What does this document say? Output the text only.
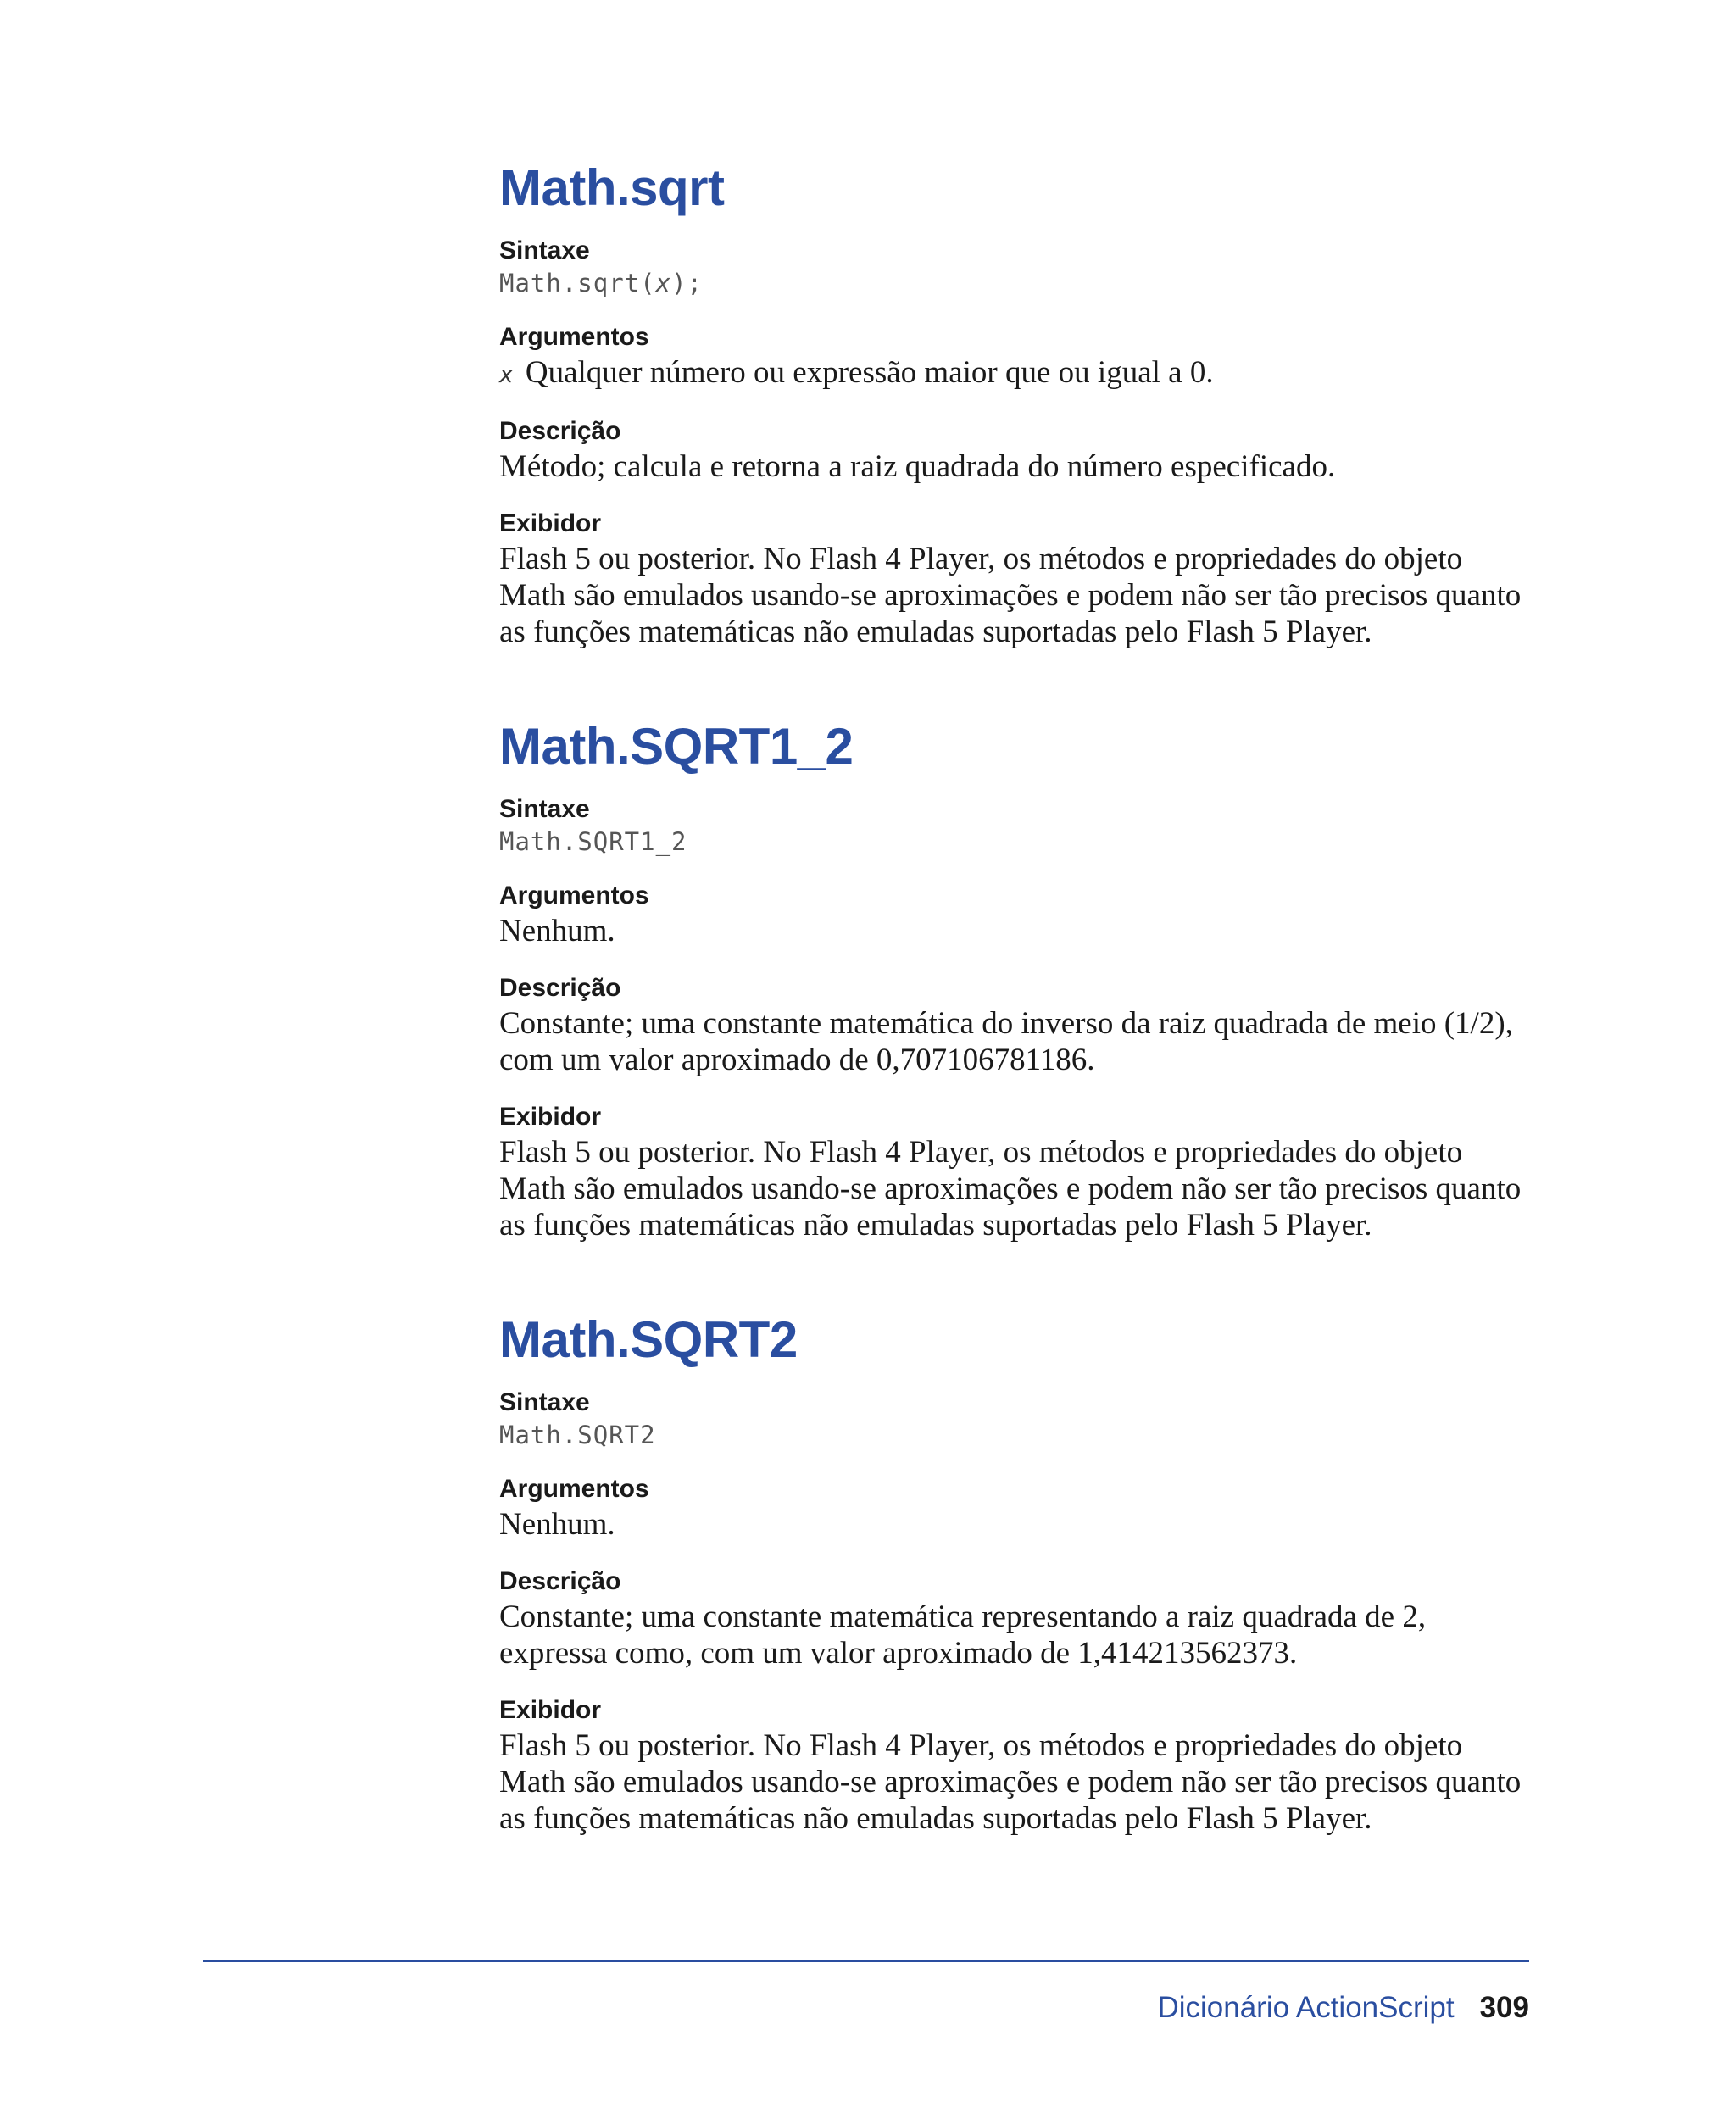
Math.sqrt
Sintaxe
Math.sqrt(x);
Argumentos
x Qualquer número ou expressão maior que ou igual a 0.
Descrição
Método; calcula e retorna a raiz quadrada do número especificado.
Exibidor
Flash 5 ou posterior. No Flash 4 Player, os métodos e propriedades do objeto
Math são emulados usando-se aproximações e podem não ser tão precisos quanto
as funções matemáticas não emuladas suportadas pelo Flash 5 Player.
Math.SQRT1_2
Sintaxe
Math.SQRT1_2
Argumentos
Nenhum.
Descrição
Constante; uma constante matemática do inverso da raiz quadrada de meio (1/2),
com um valor aproximado de 0,707106781186.
Exibidor
Flash 5 ou posterior. No Flash 4 Player, os métodos e propriedades do objeto
Math são emulados usando-se aproximações e podem não ser tão precisos quanto
as funções matemáticas não emuladas suportadas pelo Flash 5 Player.
Math.SQRT2
Sintaxe
Math.SQRT2
Argumentos
Nenhum.
Descrição
Constante; uma constante matemática representando a raiz quadrada de 2,
expressa como, com um valor aproximado de 1,414213562373.
Exibidor
Flash 5 ou posterior. No Flash 4 Player, os métodos e propriedades do objeto
Math são emulados usando-se aproximações e podem não ser tão precisos quanto
as funções matemáticas não emuladas suportadas pelo Flash 5 Player.
Dicionário ActionScript 309
